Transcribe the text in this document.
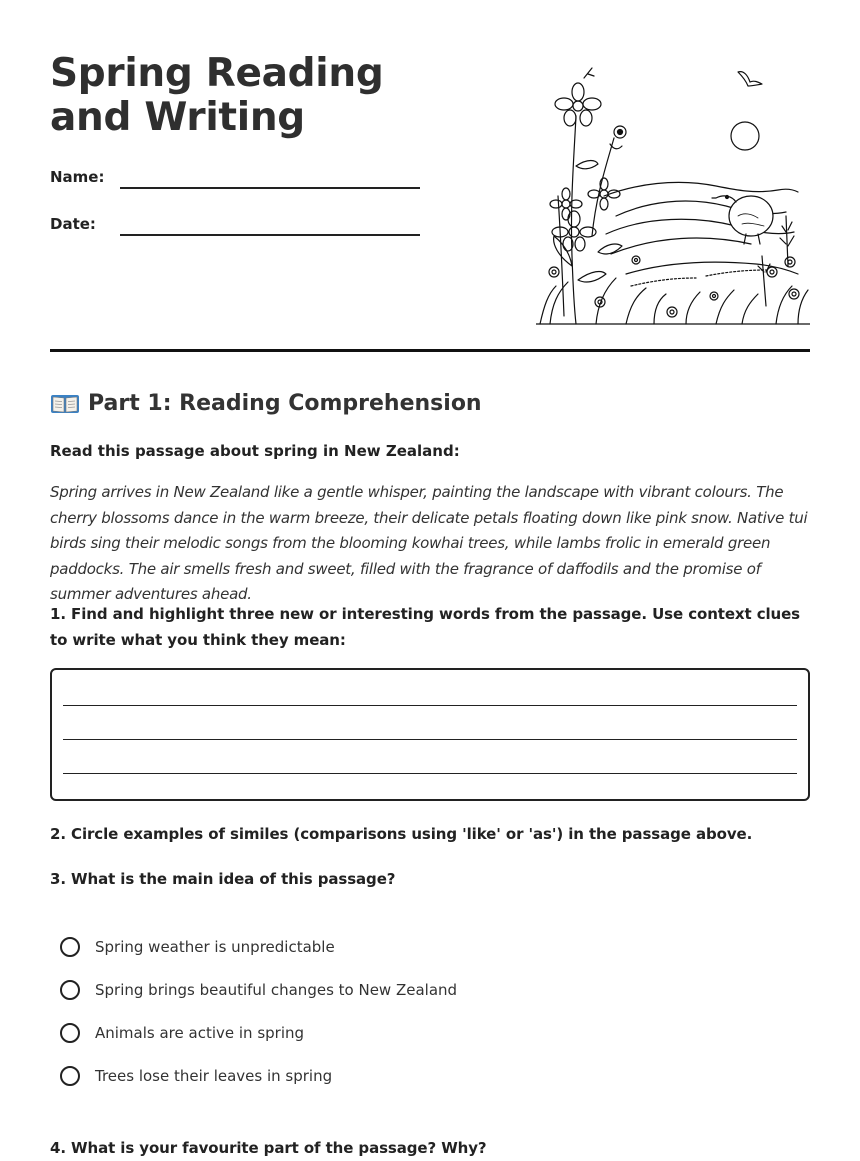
Spring Reading and Writing
Name:
Date:
Part 1: Reading Comprehension
Read this passage about spring in New Zealand:
Spring arrives in New Zealand like a gentle whisper, painting the landscape with vibrant colours. The cherry blossoms dance in the warm breeze, their delicate petals floating down like pink snow. Native tui birds sing their melodic songs from the blooming kowhai trees, while lambs frolic in emerald green paddocks. The air smells fresh and sweet, filled with the fragrance of daffodils and the promise of summer adventures ahead.
1. Find and highlight three new or interesting words from the passage. Use context clues to write what you think they mean:
2. Circle examples of similes (comparisons using 'like' or 'as') in the passage above.
3. What is the main idea of this passage?
Spring weather is unpredictable
Spring brings beautiful changes to New Zealand
Animals are active in spring
Trees lose their leaves in spring
4. What is your favourite part of the passage? Why?
